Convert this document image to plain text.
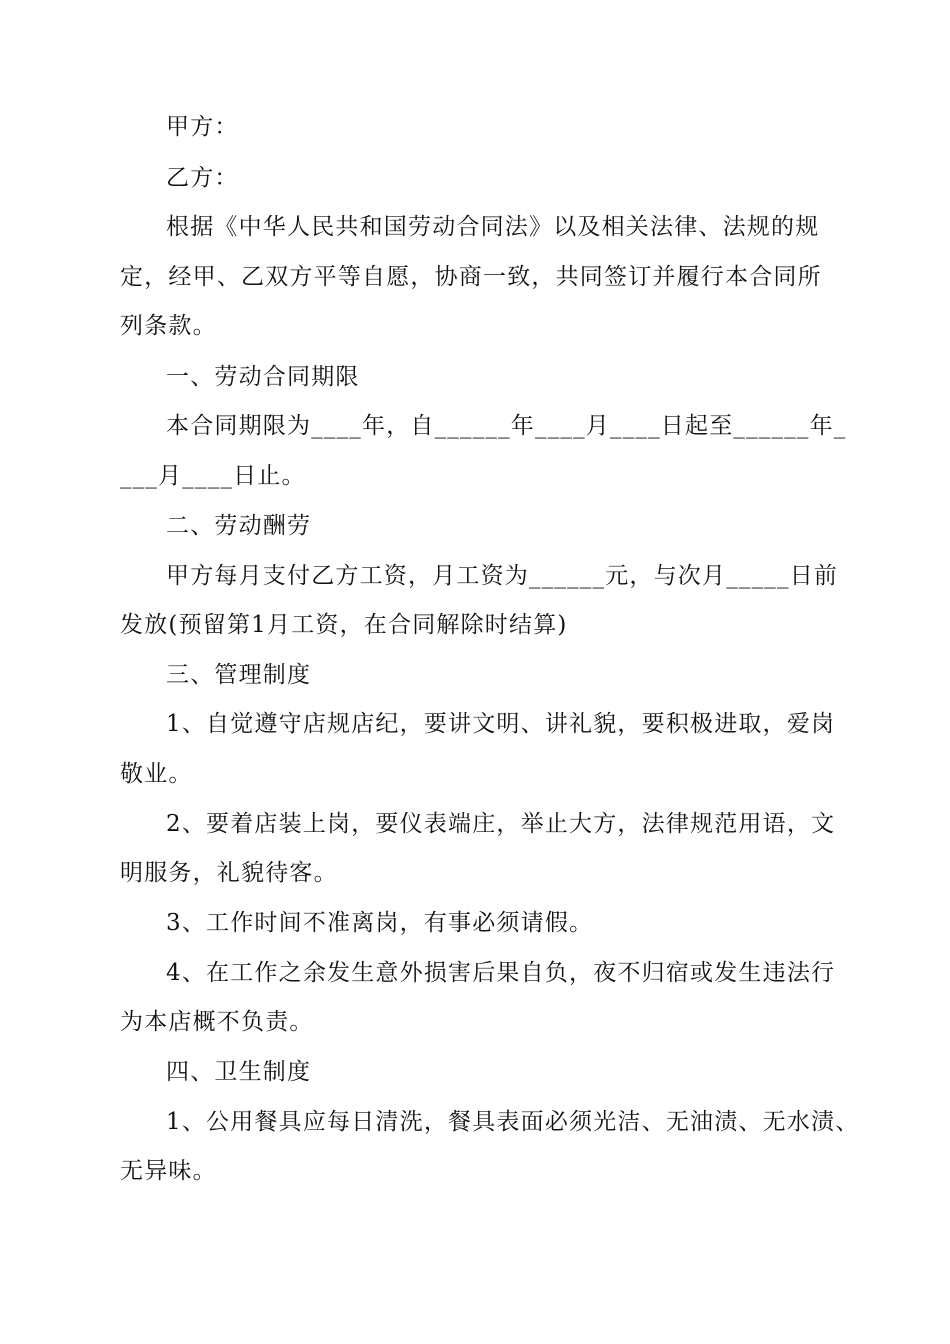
甲方：
乙方：
根据《中华人民共和国劳动合同法》以及相关法律、法规的规
定，经甲、乙双方平等自愿，协商一致，共同签订并履行本合同所
列条款。
一、劳动合同期限
本合同期限为____年，自______年____月____日起至______年_
___月____日止。
二、劳动酬劳
甲方每月支付乙方工资，月工资为______元，与次月_____日前
发放(预留第1月工资，在合同解除时结算)
三、管理制度
1、自觉遵守店规店纪，要讲文明、讲礼貌，要积极进取，爱岗
敬业。
2、要着店装上岗，要仪表端庄，举止大方，法律规范用语，文
明服务，礼貌待客。
3、工作时间不准离岗，有事必须请假。
4、在工作之余发生意外损害后果自负，夜不归宿或发生违法行
为本店概不负责。
四、卫生制度
1、公用餐具应每日清洗，餐具表面必须光洁、无油渍、无水渍、
无异味。
